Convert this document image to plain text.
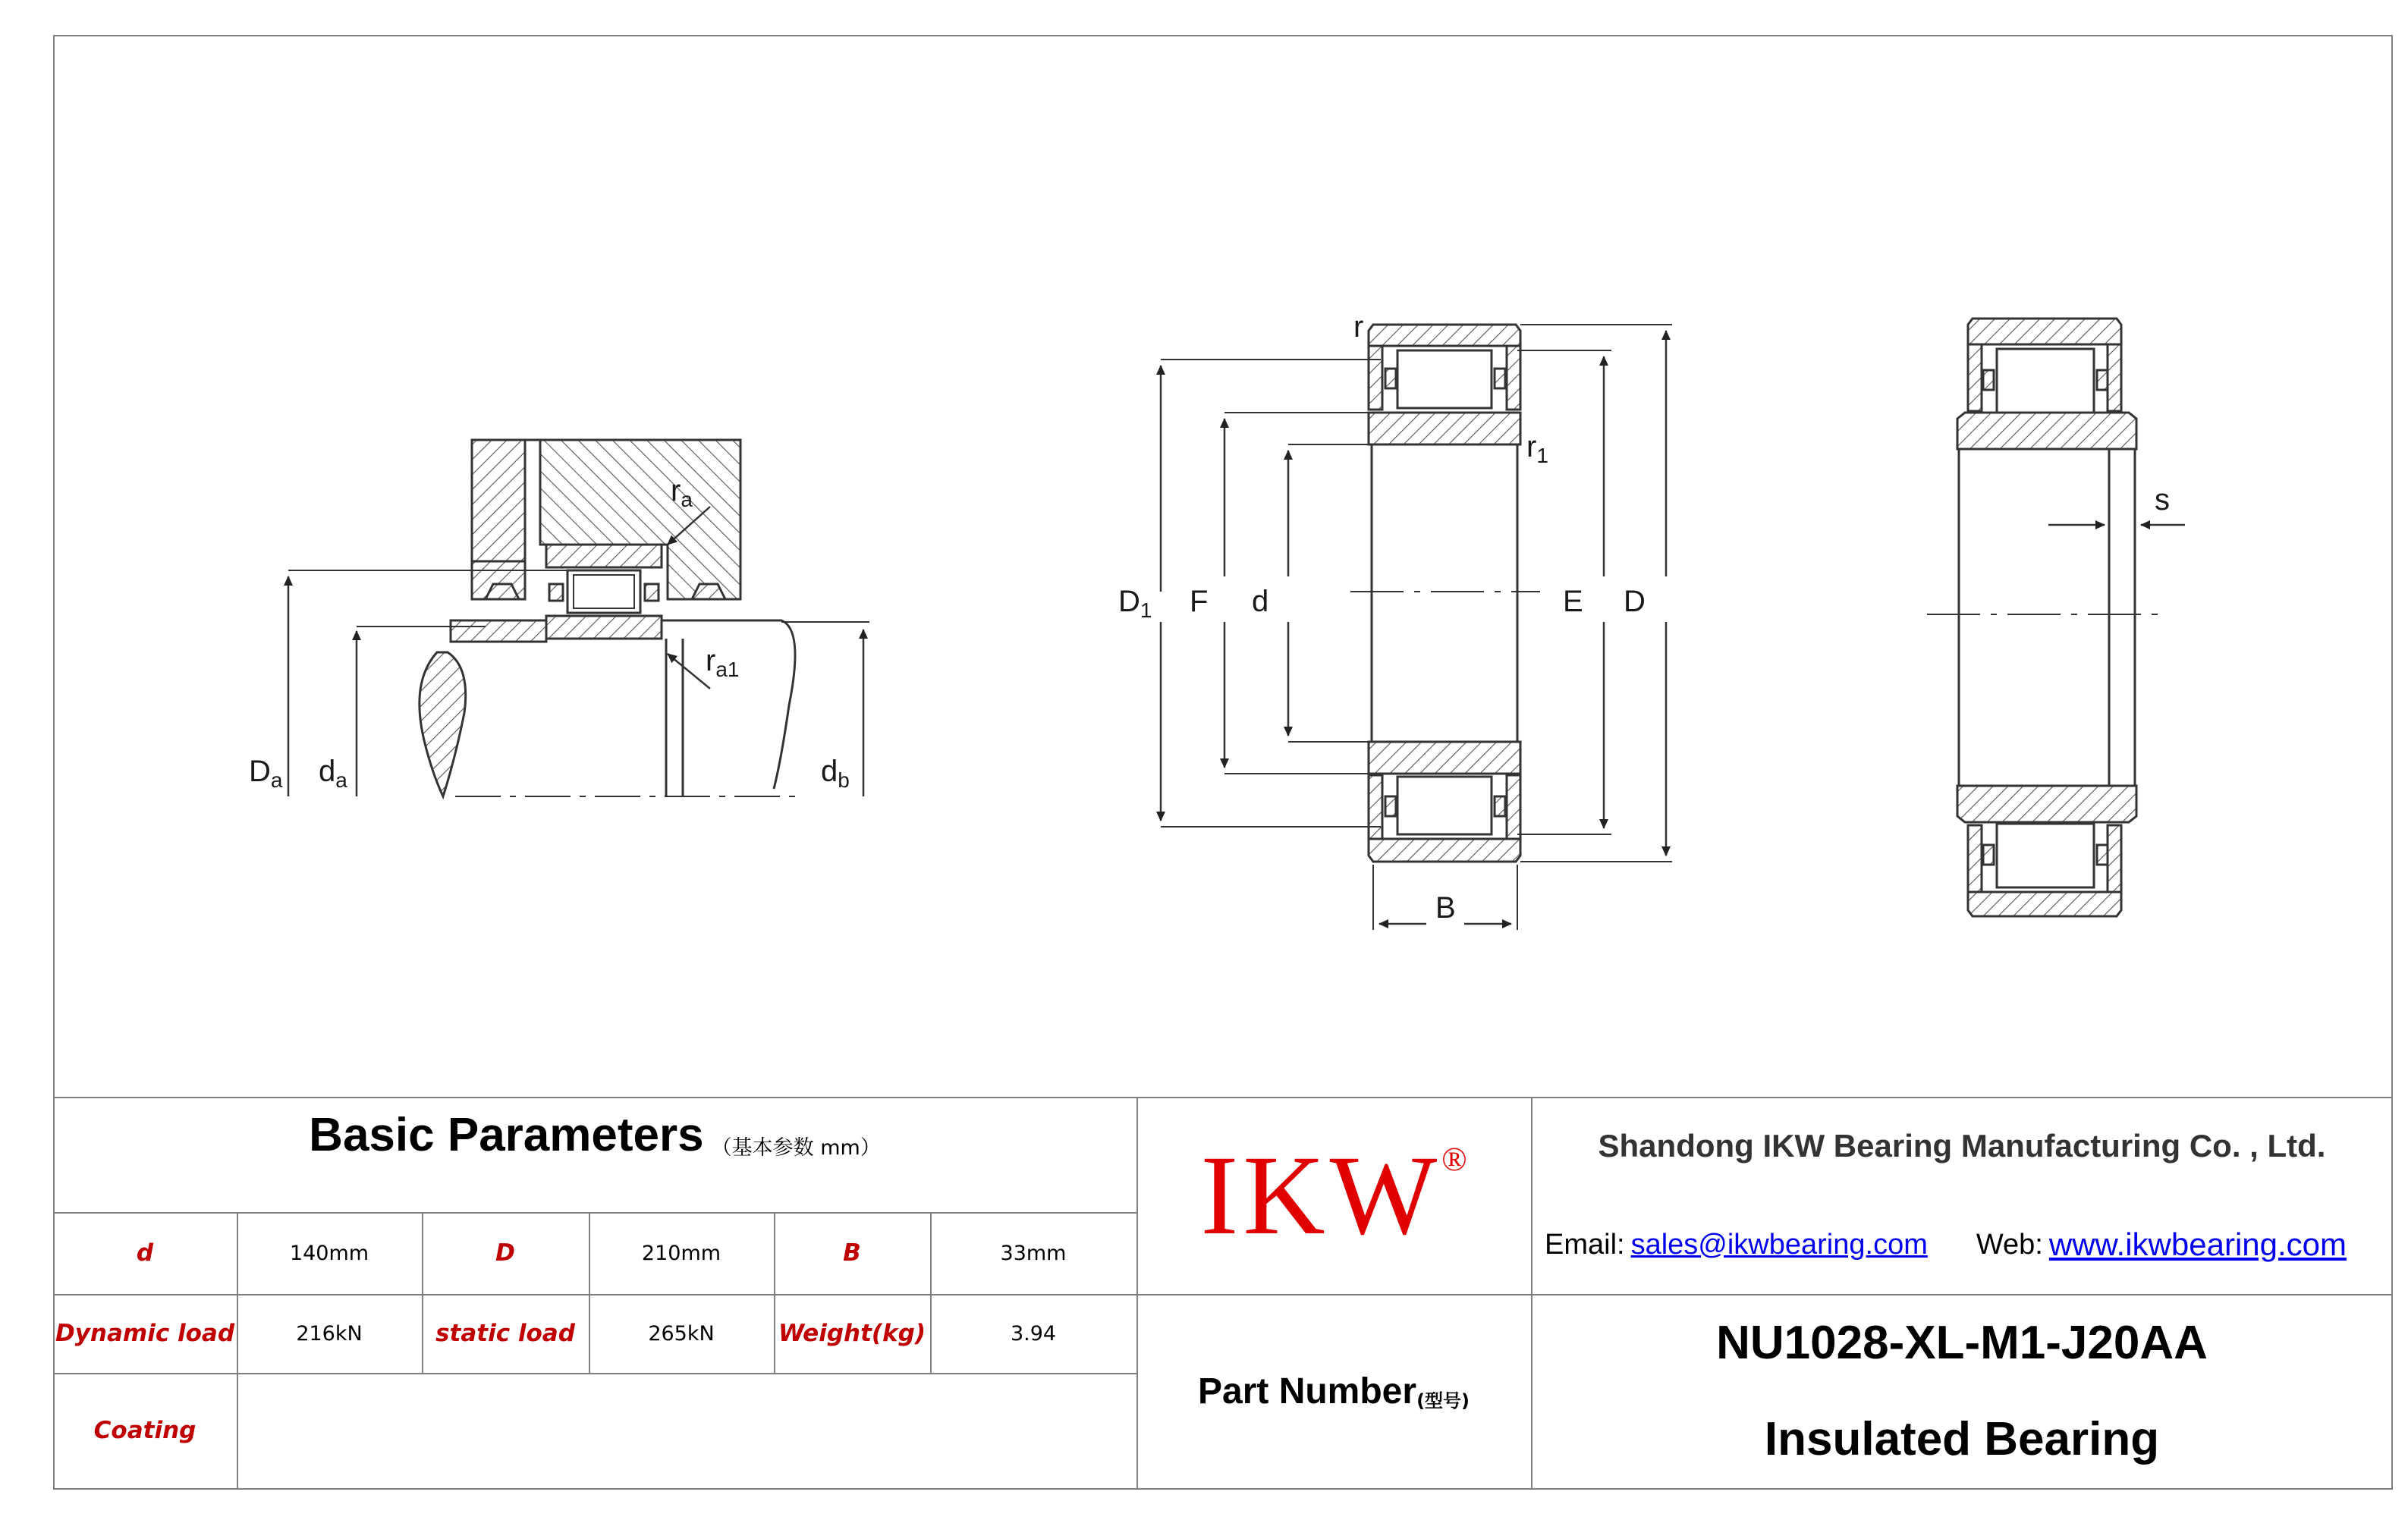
$D_a$ $d_a$	$d_b$
$r_a$
$r_{a1}$
r
$r_1$
$D_1$ F d	E D
B
s
Basic Parameters （基本参数 mm）
d	140mm	D	210mm	B	33mm
Dynamic load	216kN	static load	265kN	Weight(kg)	3.94
Coating
IKW ®
Part Number (型号)
Shandong IKW Bearing Manufacturing Co. , Ltd.
Email: sales@ikwbearing.com Web: www.ikwbearing.com
NU1028-XL-M1-J20AA
Insulated Bearing
